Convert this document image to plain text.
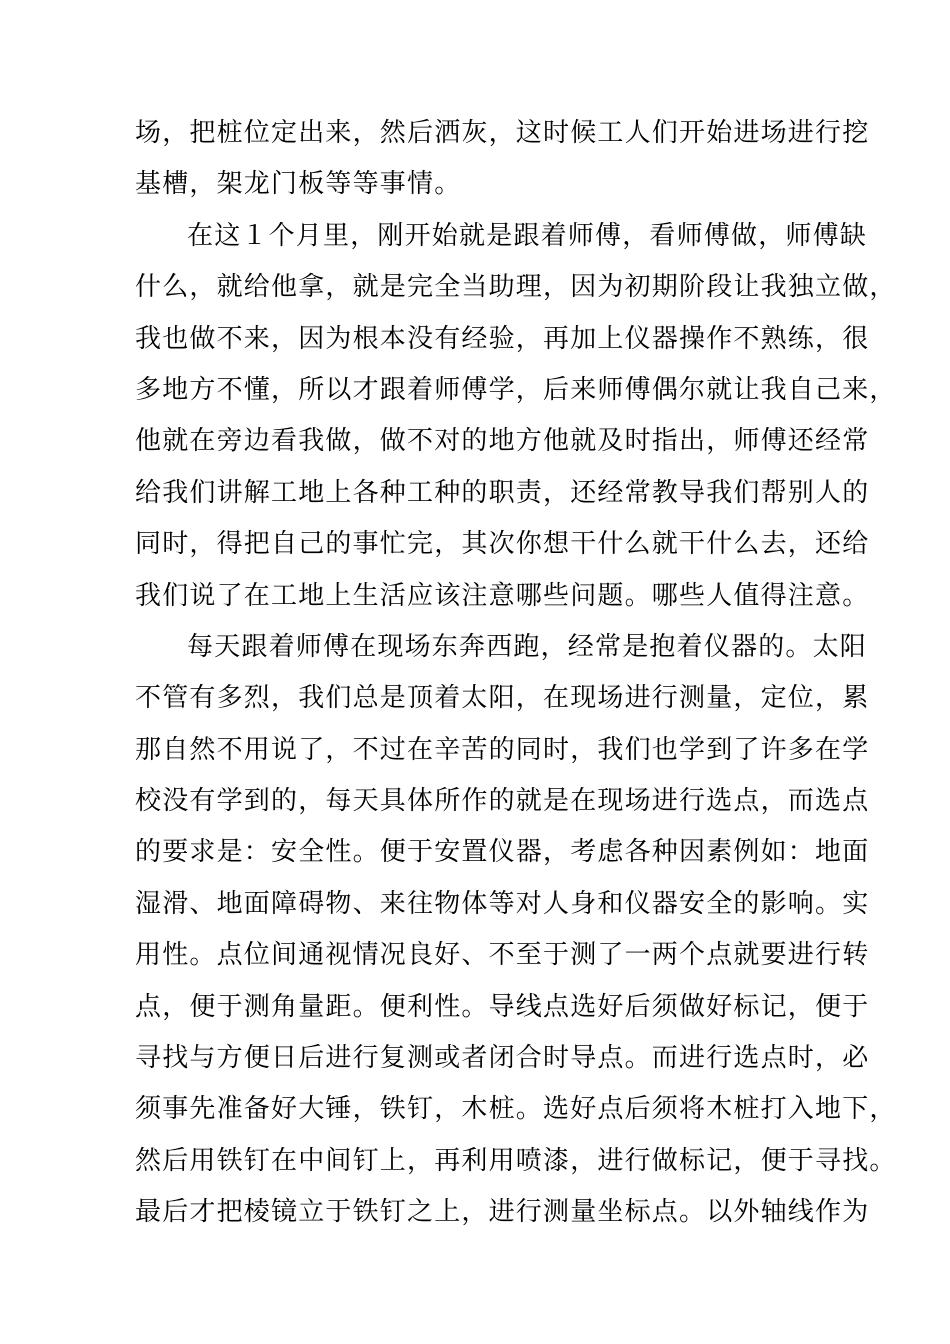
场，把桩位定出来，然后洒灰，这时候工人们开始进场进行挖
基槽，架龙门板等等事情。
在这１个月里，刚开始就是跟着师傅，看师傅做，师傅缺
什么，就给他拿，就是完全当助理，因为初期阶段让我独立做，
我也做不来，因为根本没有经验，再加上仪器操作不熟练，很
多地方不懂，所以才跟着师傅学，后来师傅偶尔就让我自己来，
他就在旁边看我做，做不对的地方他就及时指出，师傅还经常
给我们讲解工地上各种工种的职责，还经常教导我们帮别人的
同时，得把自己的事忙完，其次你想干什么就干什么去，还给
我们说了在工地上生活应该注意哪些问题。哪些人值得注意。
每天跟着师傅在现场东奔西跑，经常是抱着仪器的。太阳
不管有多烈，我们总是顶着太阳，在现场进行测量，定位，累
那自然不用说了，不过在辛苦的同时，我们也学到了许多在学
校没有学到的，每天具体所作的就是在现场进行选点，而选点
的要求是：安全性。便于安置仪器，考虑各种因素例如：地面
湿滑、地面障碍物、来往物体等对人身和仪器安全的影响。实
用性。点位间通视情况良好、不至于测了一两个点就要进行转
点，便于测角量距。便利性。导线点选好后须做好标记，便于
寻找与方便日后进行复测或者闭合时导点。而进行选点时，必
须事先准备好大锤，铁钉，木桩。选好点后须将木桩打入地下，
然后用铁钉在中间钉上，再利用喷漆，进行做标记，便于寻找。
最后才把棱镜立于铁钉之上，进行测量坐标点。以外轴线作为
